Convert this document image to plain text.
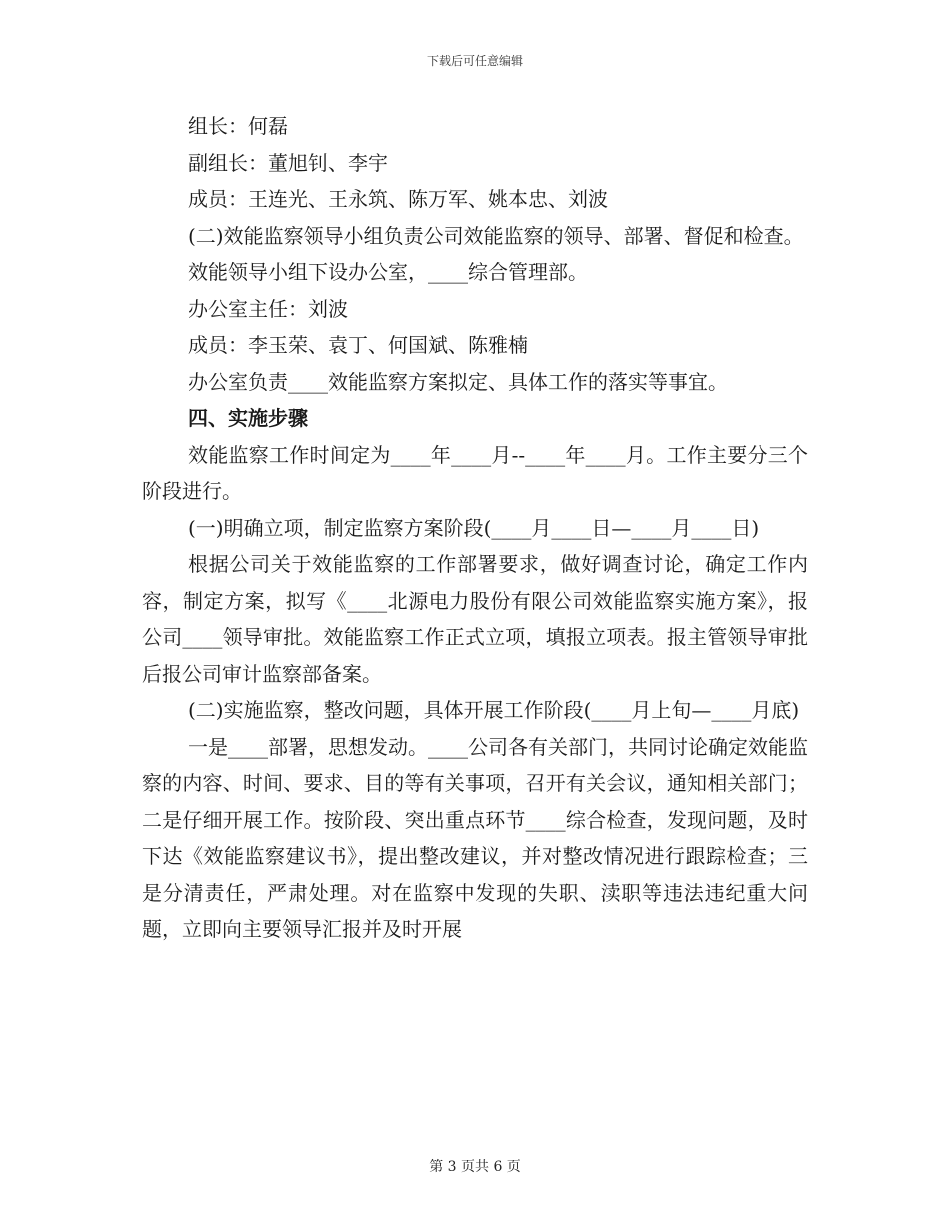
下载后可任意编辑

组长：何磊

副组长：董旭钊、李宇

成员：王连光、王永筑、陈万军、姚本忠、刘波

(二)效能监察领导小组负责公司效能监察的领导、部署、督促和检查。

效能领导小组下设办公室，____综合管理部。

办公室主任：刘波

成员：李玉荣、袁丁、何国斌、陈雅楠

办公室负责____效能监察方案拟定、具体工作的落实等事宜。

四、实施步骤

效能监察工作时间定为____年____月--____年____月。工作主要分三个阶段进行。

(一)明确立项，制定监察方案阶段(____月____日—____月____日)

根据公司关于效能监察的工作部署要求，做好调查讨论，确定工作内容，制定方案，拟写《____北源电力股份有限公司效能监察实施方案》，报公司____领导审批。效能监察工作正式立项，填报立项表。报主管领导审批后报公司审计监察部备案。

(二)实施监察，整改问题，具体开展工作阶段(____月上旬—____月底)

一是____部署，思想发动。____公司各有关部门，共同讨论确定效能监察的内容、时间、要求、目的等有关事项，召开有关会议，通知相关部门；二是仔细开展工作。按阶段、突出重点环节____综合检查，发现问题，及时下达《效能监察建议书》，提出整改建议，并对整改情况进行跟踪检查；三是分清责任，严肃处理。对在监察中发现的失职、渎职等违法违纪重大问题，立即向主要领导汇报并及时开展

第 3 页共 6 页
